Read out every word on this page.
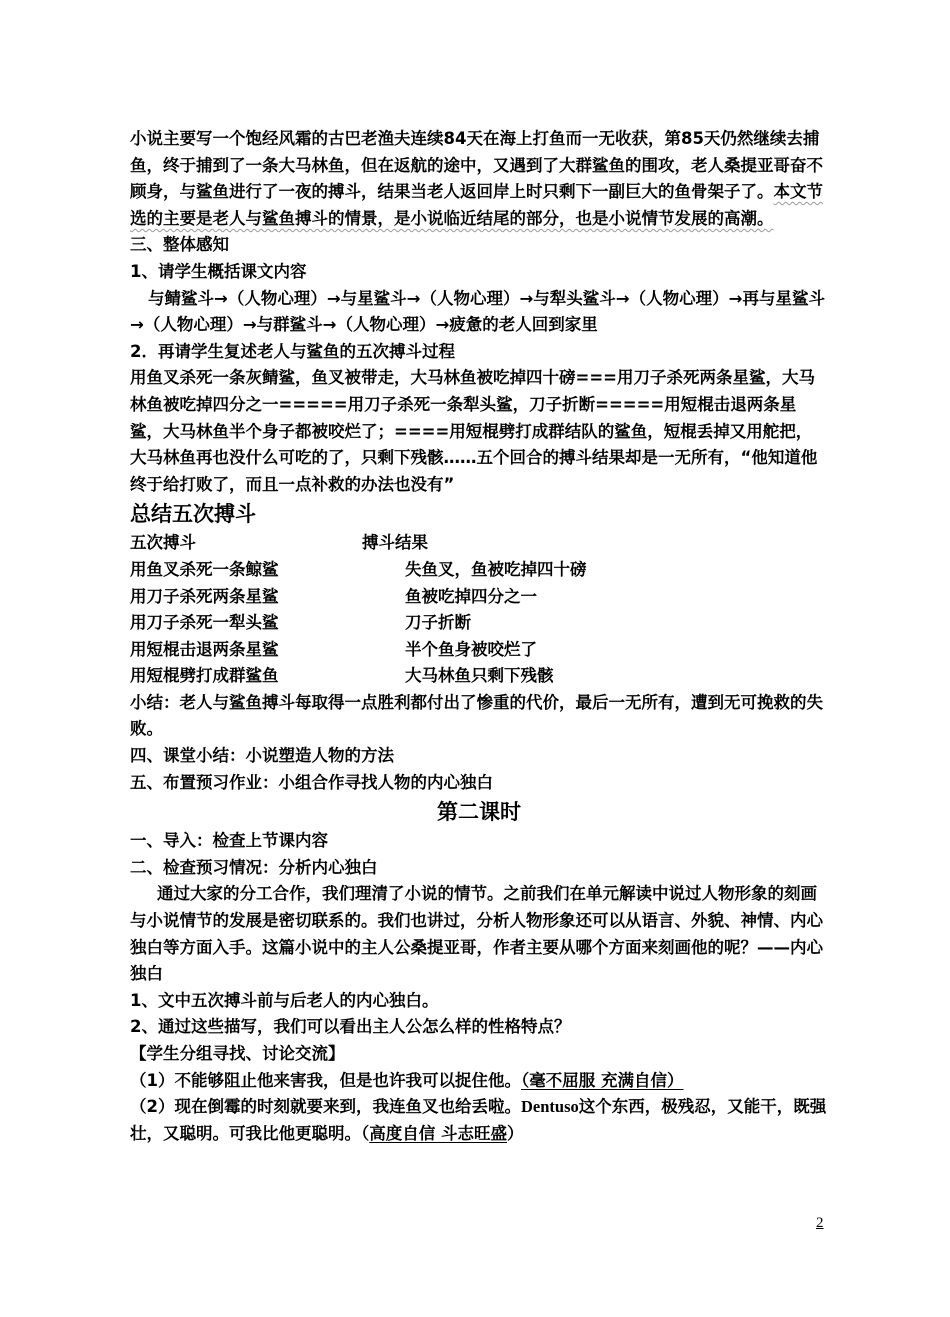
小说主要写一个饱经风霜的古巴老渔夫连续84天在海上打鱼而一无收获，第85天仍然继续去捕鱼，终于捕到了一条大马林鱼，但在返航的途中，又遇到了大群鲨鱼的围攻，老人桑提亚哥奋不顾身，与鲨鱼进行了一夜的搏斗，结果当老人返回岸上时只剩下一副巨大的鱼骨架子了。本文节选的主要是老人与鲨鱼搏斗的情景，是小说临近结尾的部分，也是小说情节发展的高潮。

三、整体感知

1、请学生概括课文内容

与鲭鲨斗→（人物心理）→与星鲨斗→（人物心理）→与犁头鲨斗→（人物心理）→再与星鲨斗→（人物心理）→与群鲨斗→（人物心理）→疲惫的老人回到家里

2．再请学生复述老人与鲨鱼的五次搏斗过程

用鱼叉杀死一条灰鲭鲨，鱼叉被带走，大马林鱼被吃掉四十磅===用刀子杀死两条星鲨，大马林鱼被吃掉四分之一=====用刀子杀死一条犁头鲨，刀子折断=====用短棍击退两条星鲨，大马林鱼半个身子都被咬烂了；====用短棍劈打成群结队的鲨鱼，短棍丢掉又用舵把，大马林鱼再也没什么可吃的了，只剩下残骸……五个回合的搏斗结果却是一无所有，“他知道他终于给打败了，而且一点补救的办法也没有”

总结五次搏斗

五次搏斗	搏斗结果
用鱼叉杀死一条鲸鲨	失鱼叉，鱼被吃掉四十磅
用刀子杀死两条星鲨	鱼被吃掉四分之一
用刀子杀死一犁头鲨	刀子折断
用短棍击退两条星鲨	半个鱼身被咬烂了
用短棍劈打成群鲨鱼	大马林鱼只剩下残骸

小结：老人与鲨鱼搏斗每取得一点胜利都付出了惨重的代价，最后一无所有，遭到无可挽救的失败。

四、课堂小结：小说塑造人物的方法

五、布置预习作业：小组合作寻找人物的内心独白

第二课时

一、导入：检查上节课内容

二、检查预习情况：分析内心独白

通过大家的分工合作，我们理清了小说的情节。之前我们在单元解读中说过人物形象的刻画与小说情节的发展是密切联系的。我们也讲过，分析人物形象还可以从语言、外貌、神情、内心独白等方面入手。这篇小说中的主人公桑提亚哥，作者主要从哪个方面来刻画他的呢？——内心独白

1、文中五次搏斗前与后老人的内心独白。

2、通过这些描写，我们可以看出主人公怎么样的性格特点？

【学生分组寻找、讨论交流】

（1）不能够阻止他来害我，但是也许我可以捉住他。（毫不屈服 充满自信）

（2）现在倒霉的时刻就要来到，我连鱼叉也给丢啦。Dentuso这个东西，极残忍，又能干，既强壮，又聪明。可我比他更聪明。（高度自信 斗志旺盛）

2
